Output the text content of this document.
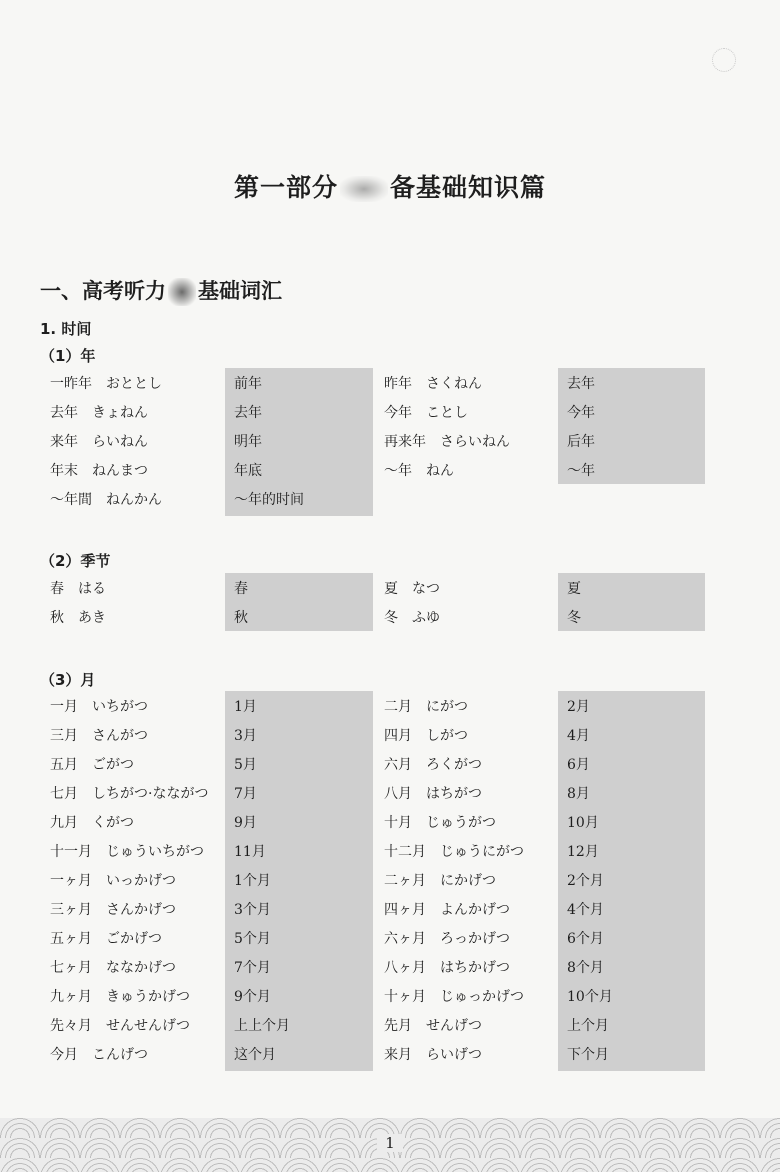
第一部分 备基础知识篇
一、高考听力 基础词汇
1. 时间
（1）年
（2）季节
（3）月
一昨年　おととし	前年	昨年　さくねん	去年
去年　きょねん	去年	今年　ことし	今年
来年　らいねん	明年	再来年　さらいねん	后年
年末　ねんまつ	年底	～年　ねん	～年
～年間　ねんかん	～年的时间
春　はる	春	夏　なつ	夏
秋　あき	秋	冬　ふゆ	冬
一月　いちがつ	1月	二月　にがつ	2月
三月　さんがつ	3月	四月　しがつ	4月
五月　ごがつ	5月	六月　ろくがつ	6月
七月　しちがつ·なながつ 7月	八月　はちがつ	8月
九月　くがつ	9月	十月　じゅうがつ	10月
十一月　じゅういちがつ 11月	十二月　じゅうにがつ	12月
一ヶ月　いっかげつ	1个月	二ヶ月　にかげつ	2个月
三ヶ月　さんかげつ	3个月	四ヶ月　よんかげつ	4个月
五ヶ月　ごかげつ	5个月	六ヶ月　ろっかげつ	6个月
七ヶ月　ななかげつ	7个月	八ヶ月　はちかげつ	8个月
九ヶ月　きゅうかげつ	9个月	十ヶ月　じゅっかげつ	10个月
先々月　せんせんげつ	上上个月	先月　せんげつ	上个月
今月　こんげつ	这个月	来月　らいげつ	下个月
1
